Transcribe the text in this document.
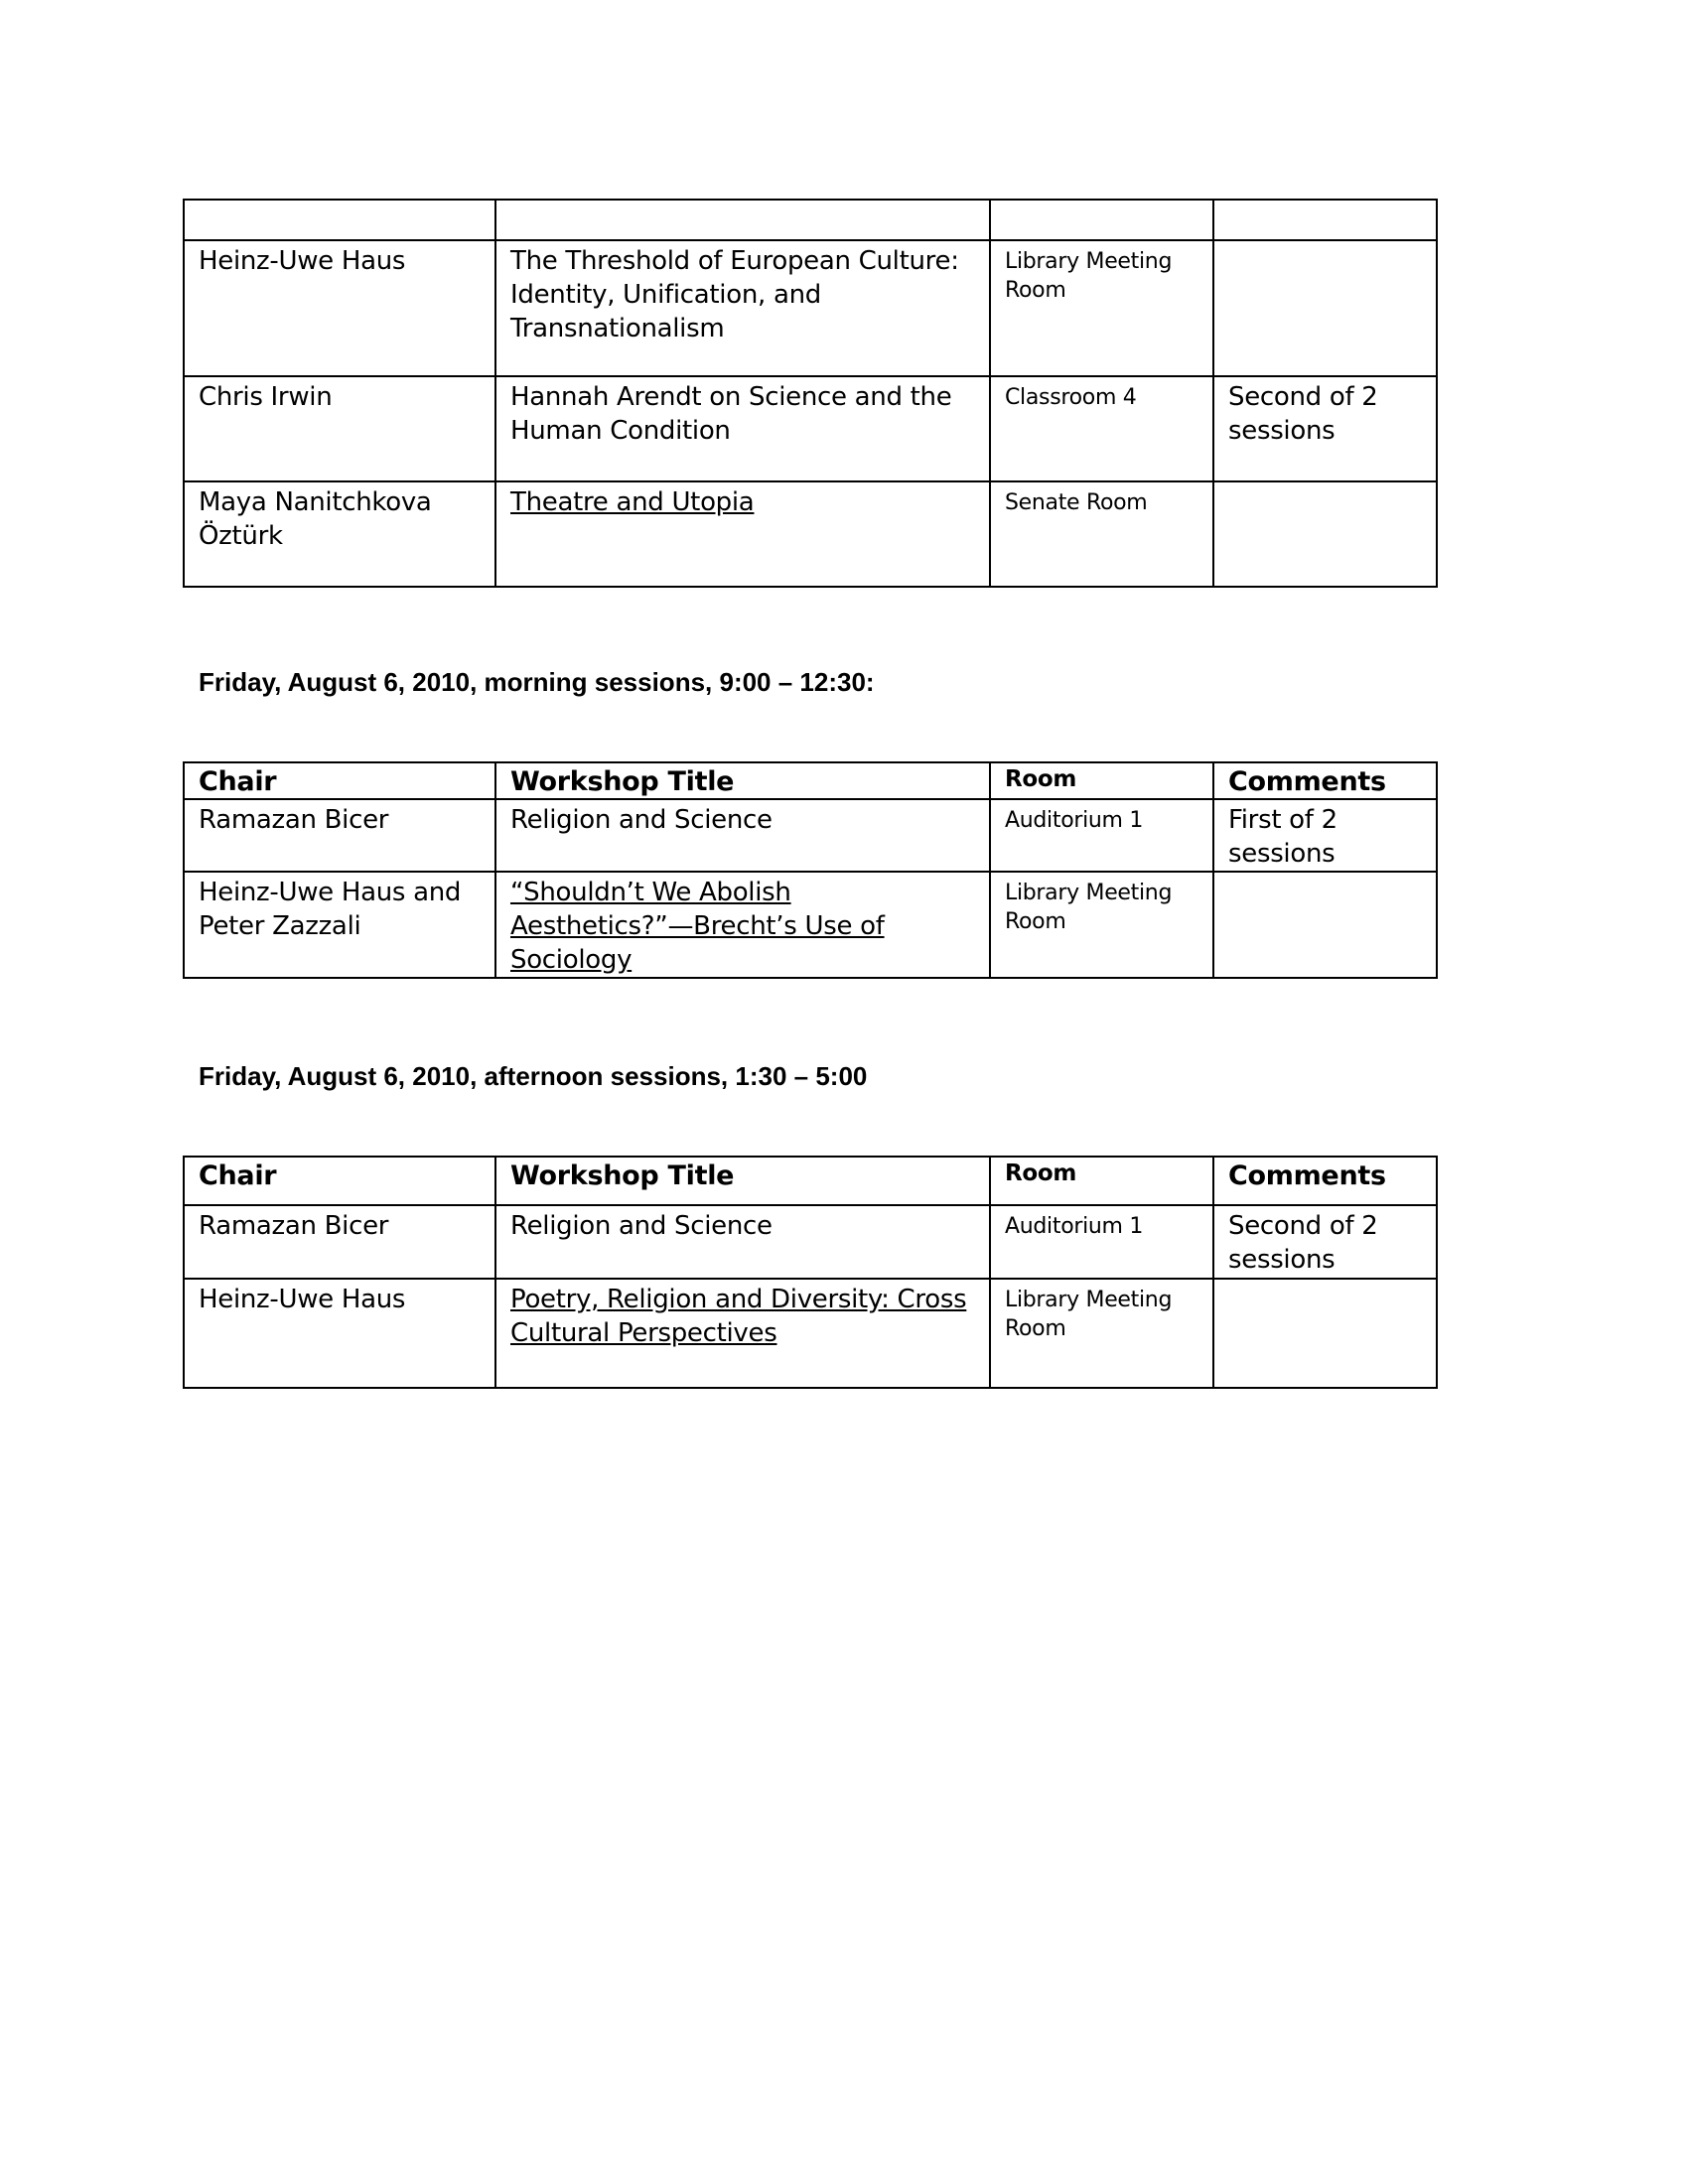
Heinz-Uwe Haus	The Threshold of European Culture: Identity, Unification, and Transnationalism	Library Meeting Room	
Chris Irwin	Hannah Arendt on Science and the Human Condition	Classroom 4	Second of 2 sessions
Maya Nanitchkova Öztürk	Theatre and Utopia	Senate Room	
Friday, August 6, 2010, morning sessions, 9:00 – 12:30:
Chair	Workshop Title	Room	Comments
Ramazan Bicer	Religion and Science	Auditorium 1	First of 2 sessions
Heinz-Uwe Haus and Peter Zazzali	“Shouldn’t We Abolish Aesthetics?”—Brecht’s Use of Sociology	Library Meeting Room	
Friday, August 6, 2010, afternoon sessions, 1:30 – 5:00
Chair	Workshop Title	Room	Comments
Ramazan Bicer	Religion and Science	Auditorium 1	Second of 2 sessions
Heinz-Uwe Haus	Poetry, Religion and Diversity: Cross Cultural Perspectives	Library Meeting Room	
